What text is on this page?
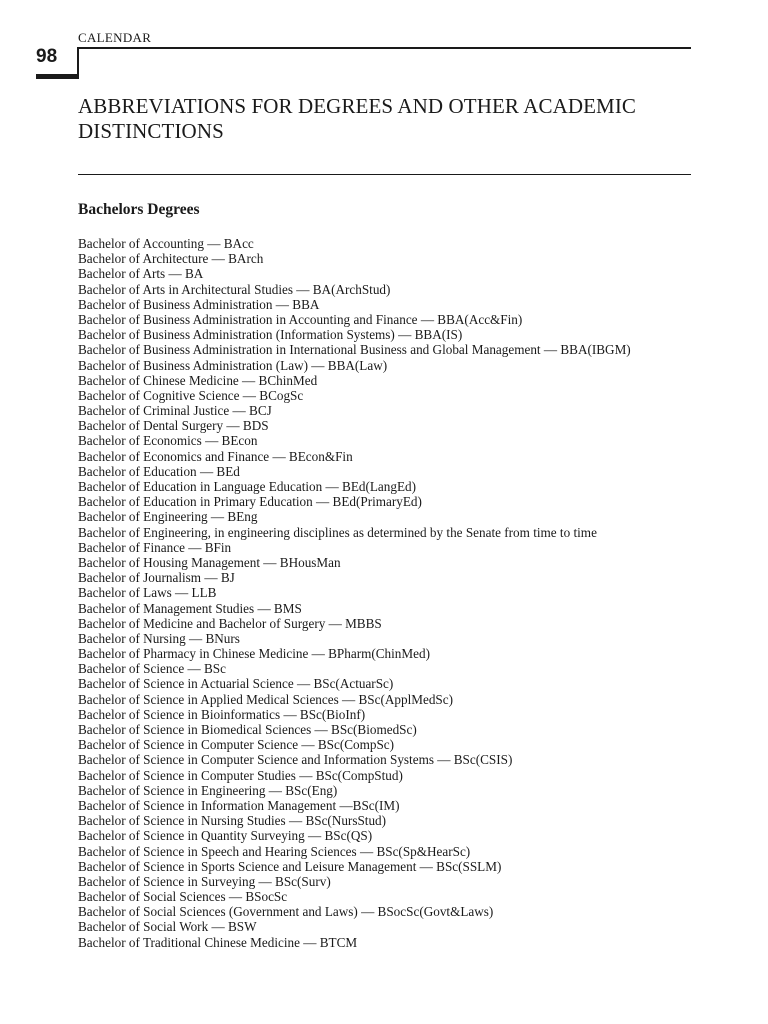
CALENDAR
98
ABBREVIATIONS FOR DEGREES AND OTHER ACADEMIC DISTINCTIONS
Bachelors Degrees
Bachelor of Accounting — BAcc
Bachelor of Architecture — BArch
Bachelor of Arts — BA
Bachelor of Arts in Architectural Studies — BA(ArchStud)
Bachelor of Business Administration — BBA
Bachelor of Business Administration in Accounting and Finance — BBA(Acc&Fin)
Bachelor of Business Administration (Information Systems) — BBA(IS)
Bachelor of Business Administration in International Business and Global Management — BBA(IBGM)
Bachelor of Business Administration (Law) — BBA(Law)
Bachelor of Chinese Medicine — BChinMed
Bachelor of Cognitive Science — BCogSc
Bachelor of Criminal Justice — BCJ
Bachelor of Dental Surgery — BDS
Bachelor of Economics — BEcon
Bachelor of Economics and Finance — BEcon&Fin
Bachelor of Education — BEd
Bachelor of Education in Language Education — BEd(LangEd)
Bachelor of Education in Primary Education — BEd(PrimaryEd)
Bachelor of Engineering — BEng
Bachelor of Engineering, in engineering disciplines as determined by the Senate from time to time
Bachelor of Finance — BFin
Bachelor of Housing Management — BHousMan
Bachelor of Journalism — BJ
Bachelor of Laws — LLB
Bachelor of Management Studies — BMS
Bachelor of Medicine and Bachelor of Surgery — MBBS
Bachelor of Nursing — BNurs
Bachelor of Pharmacy in Chinese Medicine — BPharm(ChinMed)
Bachelor of Science — BSc
Bachelor of Science in Actuarial Science — BSc(ActuarSc)
Bachelor of Science in Applied Medical Sciences — BSc(ApplMedSc)
Bachelor of Science in Bioinformatics — BSc(BioInf)
Bachelor of Science in Biomedical Sciences — BSc(BiomedSc)
Bachelor of Science in Computer Science — BSc(CompSc)
Bachelor of Science in Computer Science and Information Systems — BSc(CSIS)
Bachelor of Science in Computer Studies — BSc(CompStud)
Bachelor of Science in Engineering — BSc(Eng)
Bachelor of Science in Information Management —BSc(IM)
Bachelor of Science in Nursing Studies — BSc(NursStud)
Bachelor of Science in Quantity Surveying — BSc(QS)
Bachelor of Science in Speech and Hearing Sciences — BSc(Sp&HearSc)
Bachelor of Science in Sports Science and Leisure Management — BSc(SSLM)
Bachelor of Science in Surveying — BSc(Surv)
Bachelor of Social Sciences — BSocSc
Bachelor of Social Sciences (Government and Laws) — BSocSc(Govt&Laws)
Bachelor of Social Work — BSW
Bachelor of Traditional Chinese Medicine — BTCM
